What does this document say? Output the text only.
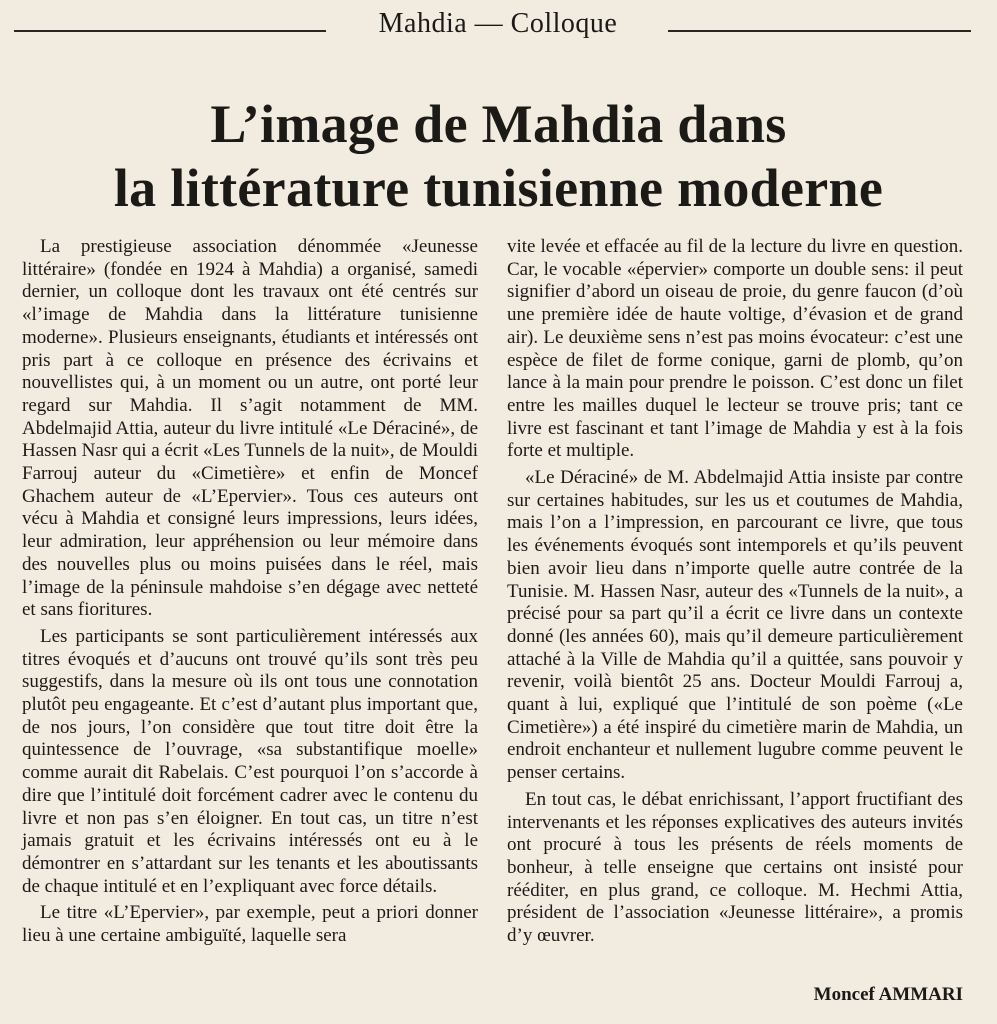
Mahdia — Colloque
L’image de Mahdia dans
la littérature tunisienne moderne

La prestigieuse association dénommée «Jeunesse littéraire» (fondée en 1924 à Mahdia) a organisé, samedi dernier, un colloque dont les travaux ont été centrés sur «l’image de Mahdia dans la littérature tunisienne moderne». Plusieurs enseignants, étudiants et intéressés ont pris part à ce colloque en présence des écrivains et nouvellistes qui, à un moment ou un autre, ont porté leur regard sur Mahdia. Il s’agit notamment de MM. Abdelmajid Attia, auteur du livre intitulé «Le Déraciné», de Hassen Nasr qui a écrit «Les Tunnels de la nuit», de Mouldi Farrouj auteur du «Cimetière» et enfin de Moncef Ghachem auteur de «L’Epervier». Tous ces auteurs ont vécu à Mahdia et consigné leurs impressions, leurs idées, leur admiration, leur appréhension ou leur mémoire dans des nouvelles plus ou moins puisées dans le réel, mais l’image de la péninsule mahdoise s’en dégage avec netteté et sans fioritures.

Les participants se sont particulièrement intéressés aux titres évoqués et d’aucuns ont trouvé qu’ils sont très peu suggestifs, dans la mesure où ils ont tous une connotation plutôt peu engageante. Et c’est d’autant plus important que, de nos jours, l’on considère que tout titre doit être la quintessence de l’ouvrage, «sa substantifique moelle» comme aurait dit Rabelais. C’est pourquoi l’on s’accorde à dire que l’intitulé doit forcément cadrer avec le contenu du livre et non pas s’en éloigner. En tout cas, un titre n’est jamais gratuit et les écrivains intéressés ont eu à le démontrer en s’attardant sur les tenants et les aboutissants de chaque intitulé et en l’expliquant avec force détails.

Le titre «L’Epervier», par exemple, peut a priori donner lieu à une certaine ambiguïté, laquelle sera

vite levée et effacée au fil de la lecture du livre en question. Car, le vocable «épervier» comporte un double sens: il peut signifier d’abord un oiseau de proie, du genre faucon (d’où une première idée de haute voltige, d’évasion et de grand air). Le deuxième sens n’est pas moins évocateur: c’est une espèce de filet de forme conique, garni de plomb, qu’on lance à la main pour prendre le poisson. C’est donc un filet entre les mailles duquel le lecteur se trouve pris; tant ce livre est fascinant et tant l’image de Mahdia y est à la fois forte et multiple.

«Le Déraciné» de M. Abdelmajid Attia insiste par contre sur certaines habitudes, sur les us et coutumes de Mahdia, mais l’on a l’impression, en parcourant ce livre, que tous les événements évoqués sont intemporels et qu’ils peuvent bien avoir lieu dans n’importe quelle autre contrée de la Tunisie. M. Hassen Nasr, auteur des «Tunnels de la nuit», a précisé pour sa part qu’il a écrit ce livre dans un contexte donné (les années 60), mais qu’il demeure particulièrement attaché à la Ville de Mahdia qu’il a quittée, sans pouvoir y revenir, voilà bientôt 25 ans. Docteur Mouldi Farrouj a, quant à lui, expliqué que l’intitulé de son poème («Le Cimetière») a été inspiré du cimetière marin de Mahdia, un endroit enchanteur et nullement lugubre comme peuvent le penser certains.

En tout cas, le débat enrichissant, l’apport fructifiant des intervenants et les réponses explicatives des auteurs invités ont procuré à tous les présents de réels moments de bonheur, à telle enseigne que certains ont insisté pour rééditer, en plus grand, ce colloque. M. Hechmi Attia, président de l’association «Jeunesse littéraire», a promis d’y œuvrer.

Moncef AMMARI
